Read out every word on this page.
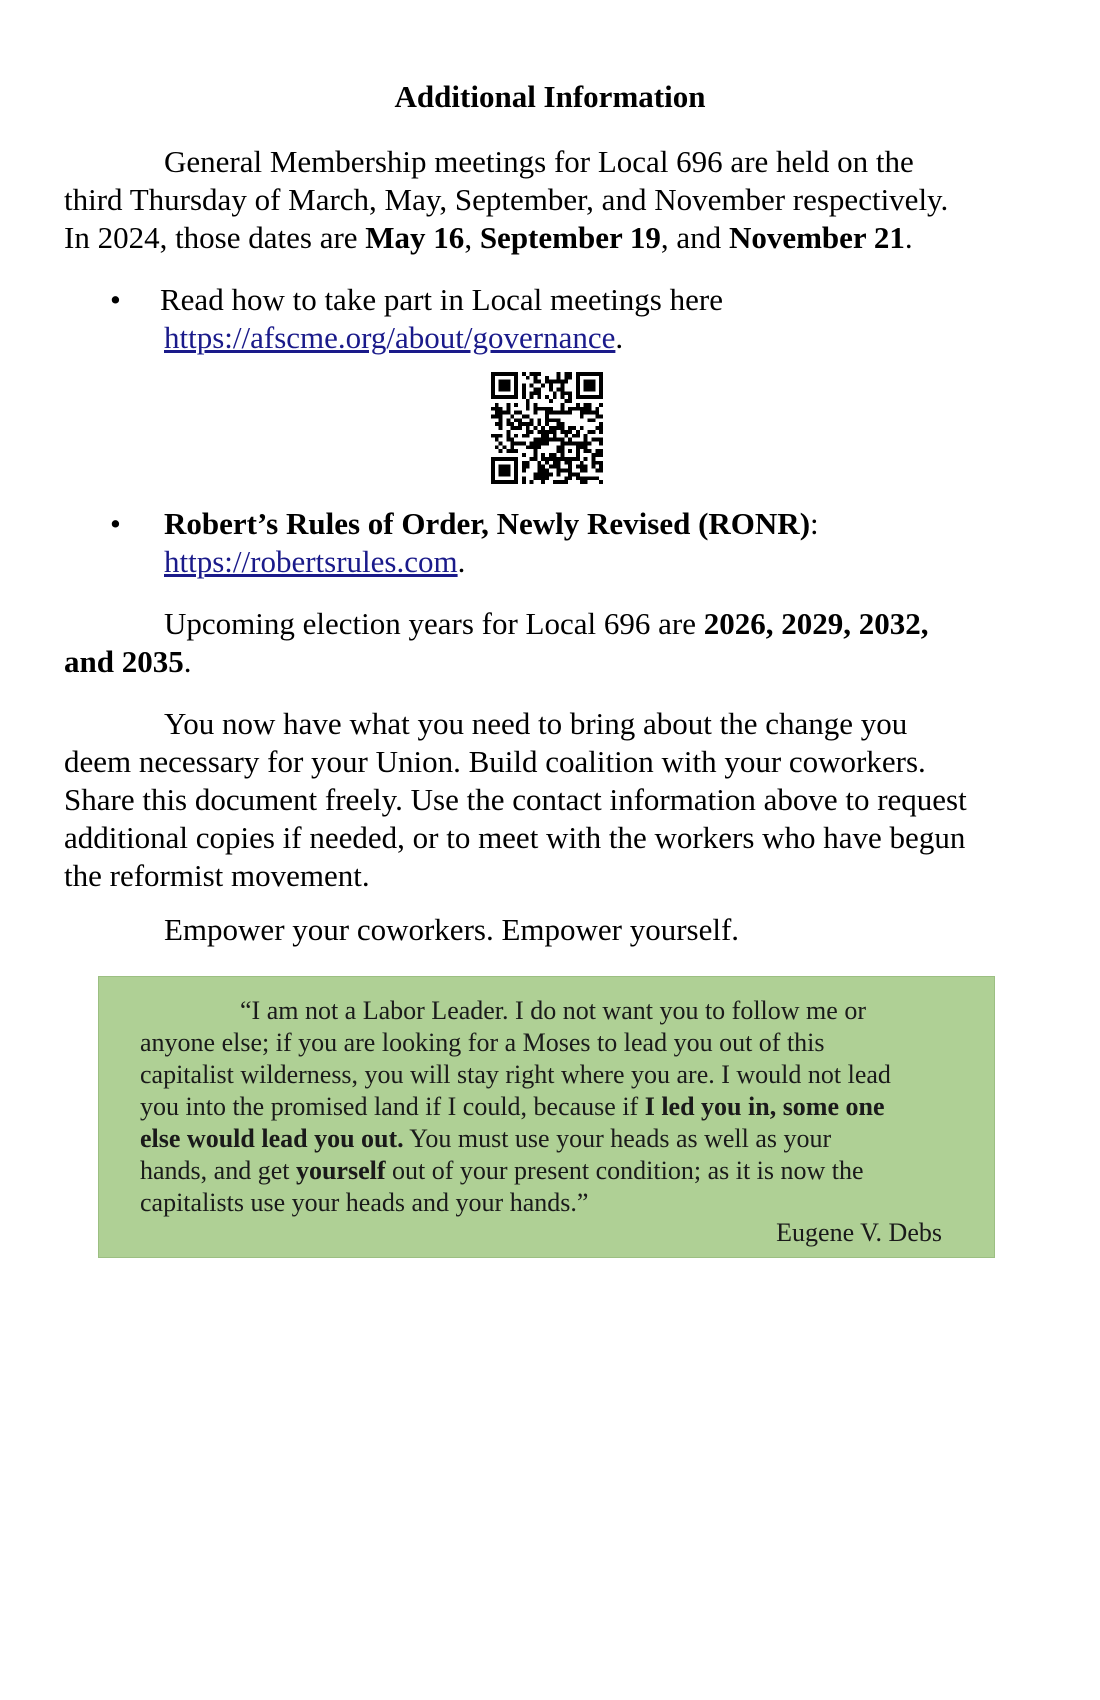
Additional Information
General Membership meetings for Local 696 are held on the
third Thursday of March, May, September, and November respectively.
In 2024, those dates are May 16, September 19, and November 21.
• Read how to take part in Local meetings here
https://afscme.org/about/governance.
• Robert’s Rules of Order, Newly Revised (RONR):
https://robertsrules.com.
Upcoming election years for Local 696 are 2026, 2029, 2032,
and 2035.
You now have what you need to bring about the change you
deem necessary for your Union. Build coalition with your coworkers.
Share this document freely. Use the contact information above to request
additional copies if needed, or to meet with the workers who have begun
the reformist movement.
Empower your coworkers. Empower yourself.
“I am not a Labor Leader. I do not want you to follow me or
anyone else; if you are looking for a Moses to lead you out of this
capitalist wilderness, you will stay right where you are. I would not lead
you into the promised land if I could, because if I led you in, some one
else would lead you out. You must use your heads as well as your
hands, and get yourself out of your present condition; as it is now the
capitalists use your heads and your hands.”
Eugene V. Debs
